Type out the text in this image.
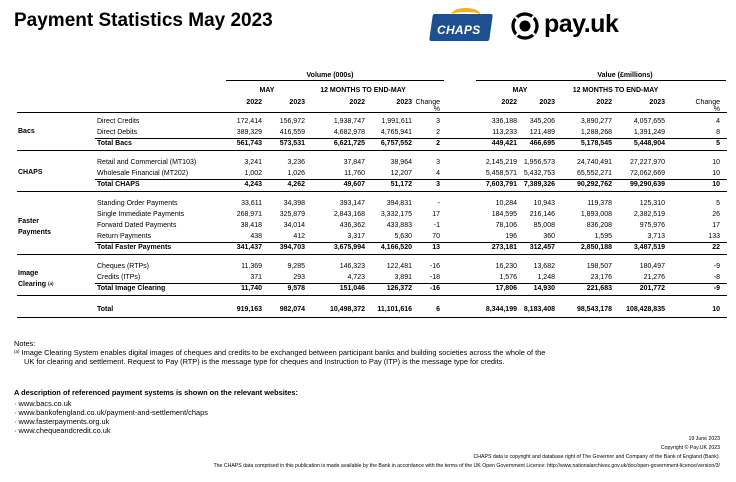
Payment Statistics May 2023	CHAPS	pay.uk
Volume (000s)	Value (£millions)
MAY	12 MONTHS TO END-MAY	MAY	12 MONTHS TO END-MAY
2022	2023	2022	2023 Change
%
2022	2023	2022	2023	Change
%
Bacs
Direct Credits	172,414	156,972	1,938,747	1,991,611	3	336,188	345,206	3,890,277	4,057,655	4
Direct Debits	389,329	416,559	4,682,978	4,765,941	2	113,233	121,489	1,288,268	1,391,249	8
Total Bacs	561,743	573,531	6,621,725	6,757,552	2	449,421	466,695	5,178,545	5,448,904	5
CHAPS
Retail and Commercial (MT103)	3,241	3,236	37,847	38,964	3	2,145,219 1,956,573	24,740,491	27,227,970	10
Wholesale Financial (MT202)	1,002	1,026	11,760	12,207	4	5,458,571 5,432,753	65,552,271	72,062,669	10
Total CHAPS	4,243	4,262	49,607	51,172	3	7,603,791 7,389,326	90,292,762	99,290,639	10
Faster
Payments
Standing Order Payments	33,611	34,398	393,147	394,831	-	10,284	10,943	119,378	125,310	5
Single Immediate Payments	268,971	325,879	2,843,168	3,332,175	17	184,595	216,146	1,893,008	2,382,519	26
Forward Dated Payments	38,418	34,014	436,362	433,883	-1	78,106	85,008	836,208	975,976	17
Return Payments	438	412	3,317	5,630	70	196	360	1,595	3,713	133
Total Faster Payments	341,437	394,703	3,675,994	4,166,520	13	273,181	312,457	2,850,188	3,487,519	22
Image
Clearing $^{(a)}$
Cheques (RTPs)	11,369	9,285	146,323	122,481	-16	16,230	13,682	198,507	180,497	-9
Credits (ITPs)	371	293	4,723	3,891	-18	1,576	1,248	23,176	21,276	-8
Total Image Clearing	11,740	9,578	151,046	126,372	-16	17,806	14,930	221,683	201,772	-9
Total	919,163	982,074	10,498,372	11,101,616	6	8,344,199 8,183,408	98,543,178	108,428,835	10
Notes:
$^{(a)}$ Image Clearing System enables digital images of cheques and credits to be exchanged between participant banks and building societies across the whole of the
UK for clearing and settlement. Request to Pay (RTP) is the message type for cheques and Instruction to Pay (ITP) is the message type for credits.
A description of referenced payment systems is shown on the relevant websites:
· www.bacs.co.uk
· www.bankofengland.co.uk/payment-and-settlement/chaps
· www.fasterpayments.org.uk
· www.chequeandcredit.co.uk
19 June 2023
Copyright © Pay.UK 2023
CHAPS data is copyright and database right of The Governor and Company of the Bank of England (Bank).
The CHAPS data comprised in this publication is made available by the Bank in accordance with the terms of the UK Open Government Licence: http://www.nationalarchives.gov.uk/doc/open-government-licence/version/3/
